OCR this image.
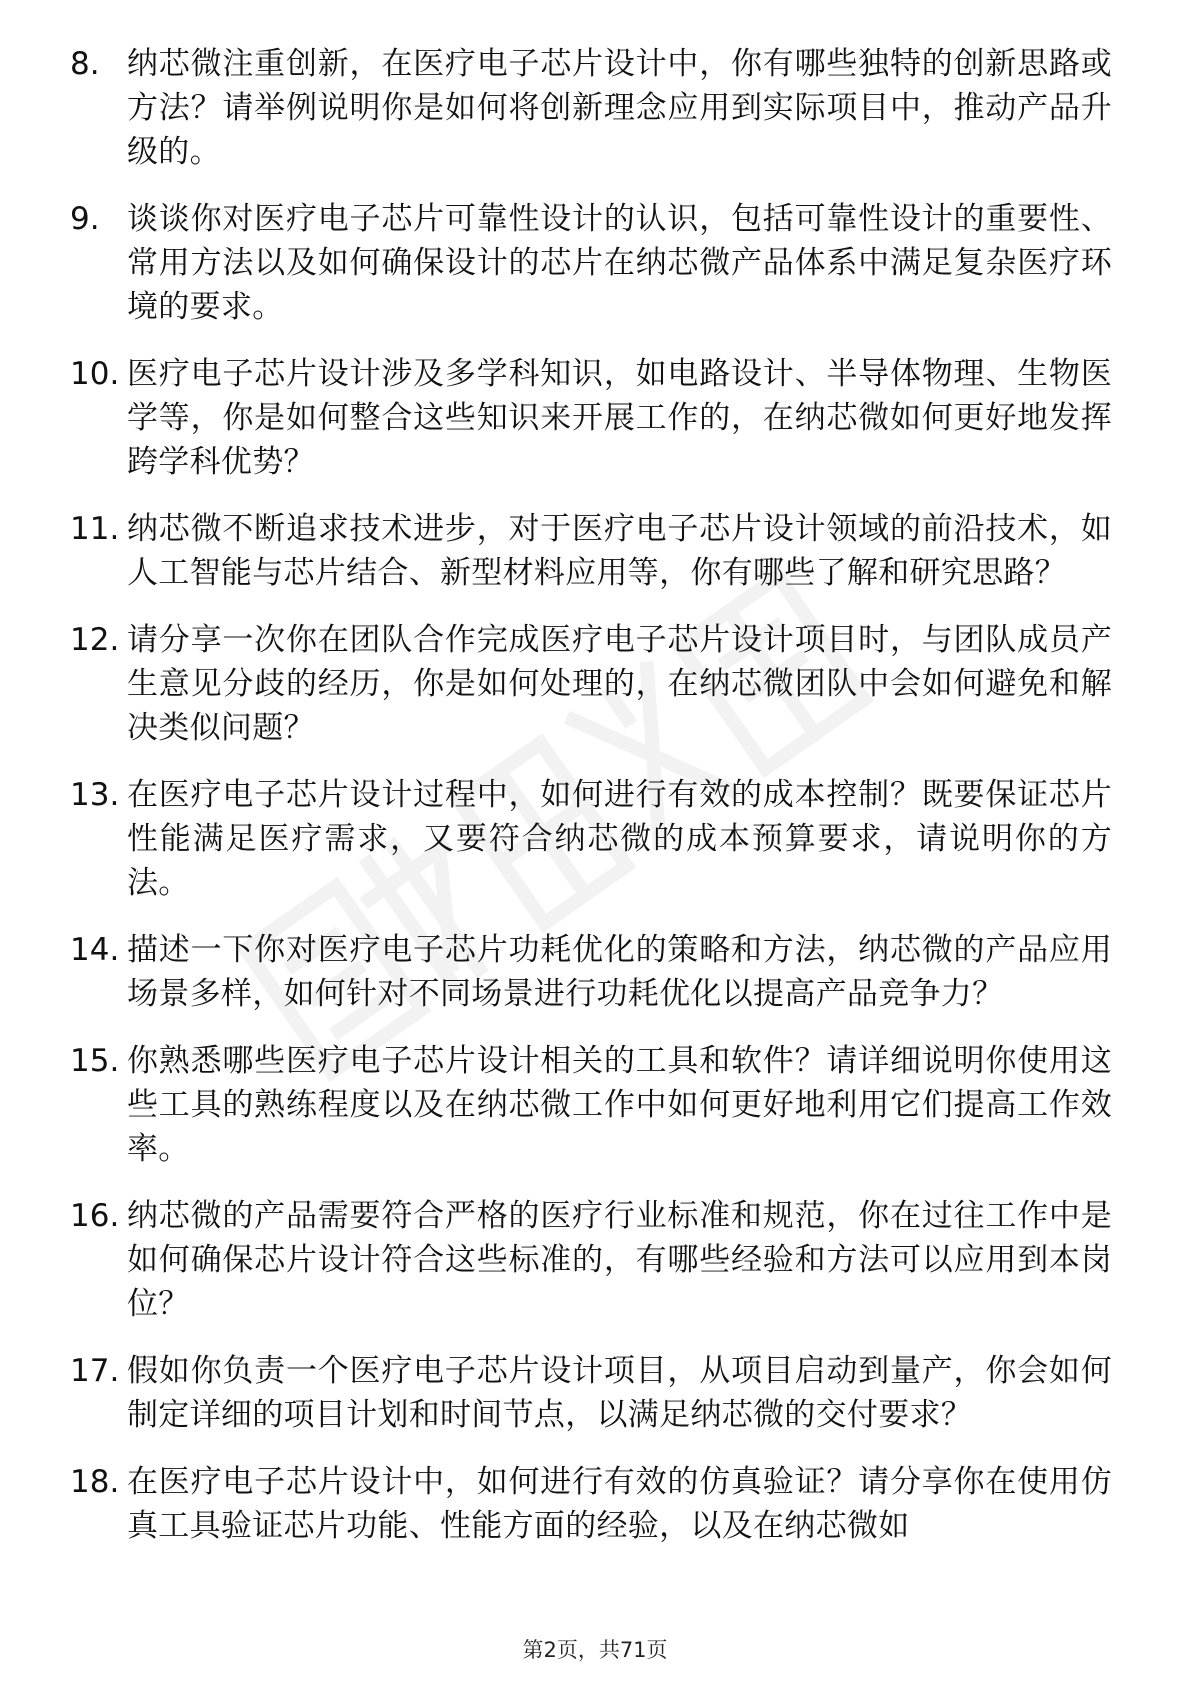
8. 纳芯微注重创新，在医疗电子芯片设计中，你有哪些独特的创新思路或方法？请举例说明你是如何将创新理念应用到实际项目中，推动产品升级的。
9. 谈谈你对医疗电子芯片可靠性设计的认识，包括可靠性设计的重要性、常用方法以及如何确保设计的芯片在纳芯微产品体系中满足复杂医疗环境的要求。
10. 医疗电子芯片设计涉及多学科知识，如电路设计、半导体物理、生物医学等，你是如何整合这些知识来开展工作的，在纳芯微如何更好地发挥跨学科优势？
11. 纳芯微不断追求技术进步，对于医疗电子芯片设计领域的前沿技术，如人工智能与芯片结合、新型材料应用等，你有哪些了解和研究思路？
12. 请分享一次你在团队合作完成医疗电子芯片设计项目时，与团队成员产生意见分歧的经历，你是如何处理的，在纳芯微团队中会如何避免和解决类似问题？
13. 在医疗电子芯片设计过程中，如何进行有效的成本控制？既要保证芯片性能满足医疗需求，又要符合纳芯微的成本预算要求，请说明你的方法。
14. 描述一下你对医疗电子芯片功耗优化的策略和方法，纳芯微的产品应用场景多样，如何针对不同场景进行功耗优化以提高产品竞争力？
15. 你熟悉哪些医疗电子芯片设计相关的工具和软件？请详细说明你使用这些工具的熟练程度以及在纳芯微工作中如何更好地利用它们提高工作效率。
16. 纳芯微的产品需要符合严格的医疗行业标准和规范，你在过往工作中是如何确保芯片设计符合这些标准的，有哪些经验和方法可以应用到本岗位？
17. 假如你负责一个医疗电子芯片设计项目，从项目启动到量产，你会如何制定详细的项目计划和时间节点，以满足纳芯微的交付要求？
18. 在医疗电子芯片设计中，如何进行有效的仿真验证？请分享你在使用仿真工具验证芯片功能、性能方面的经验，以及在纳芯微如
第2页，共71页
